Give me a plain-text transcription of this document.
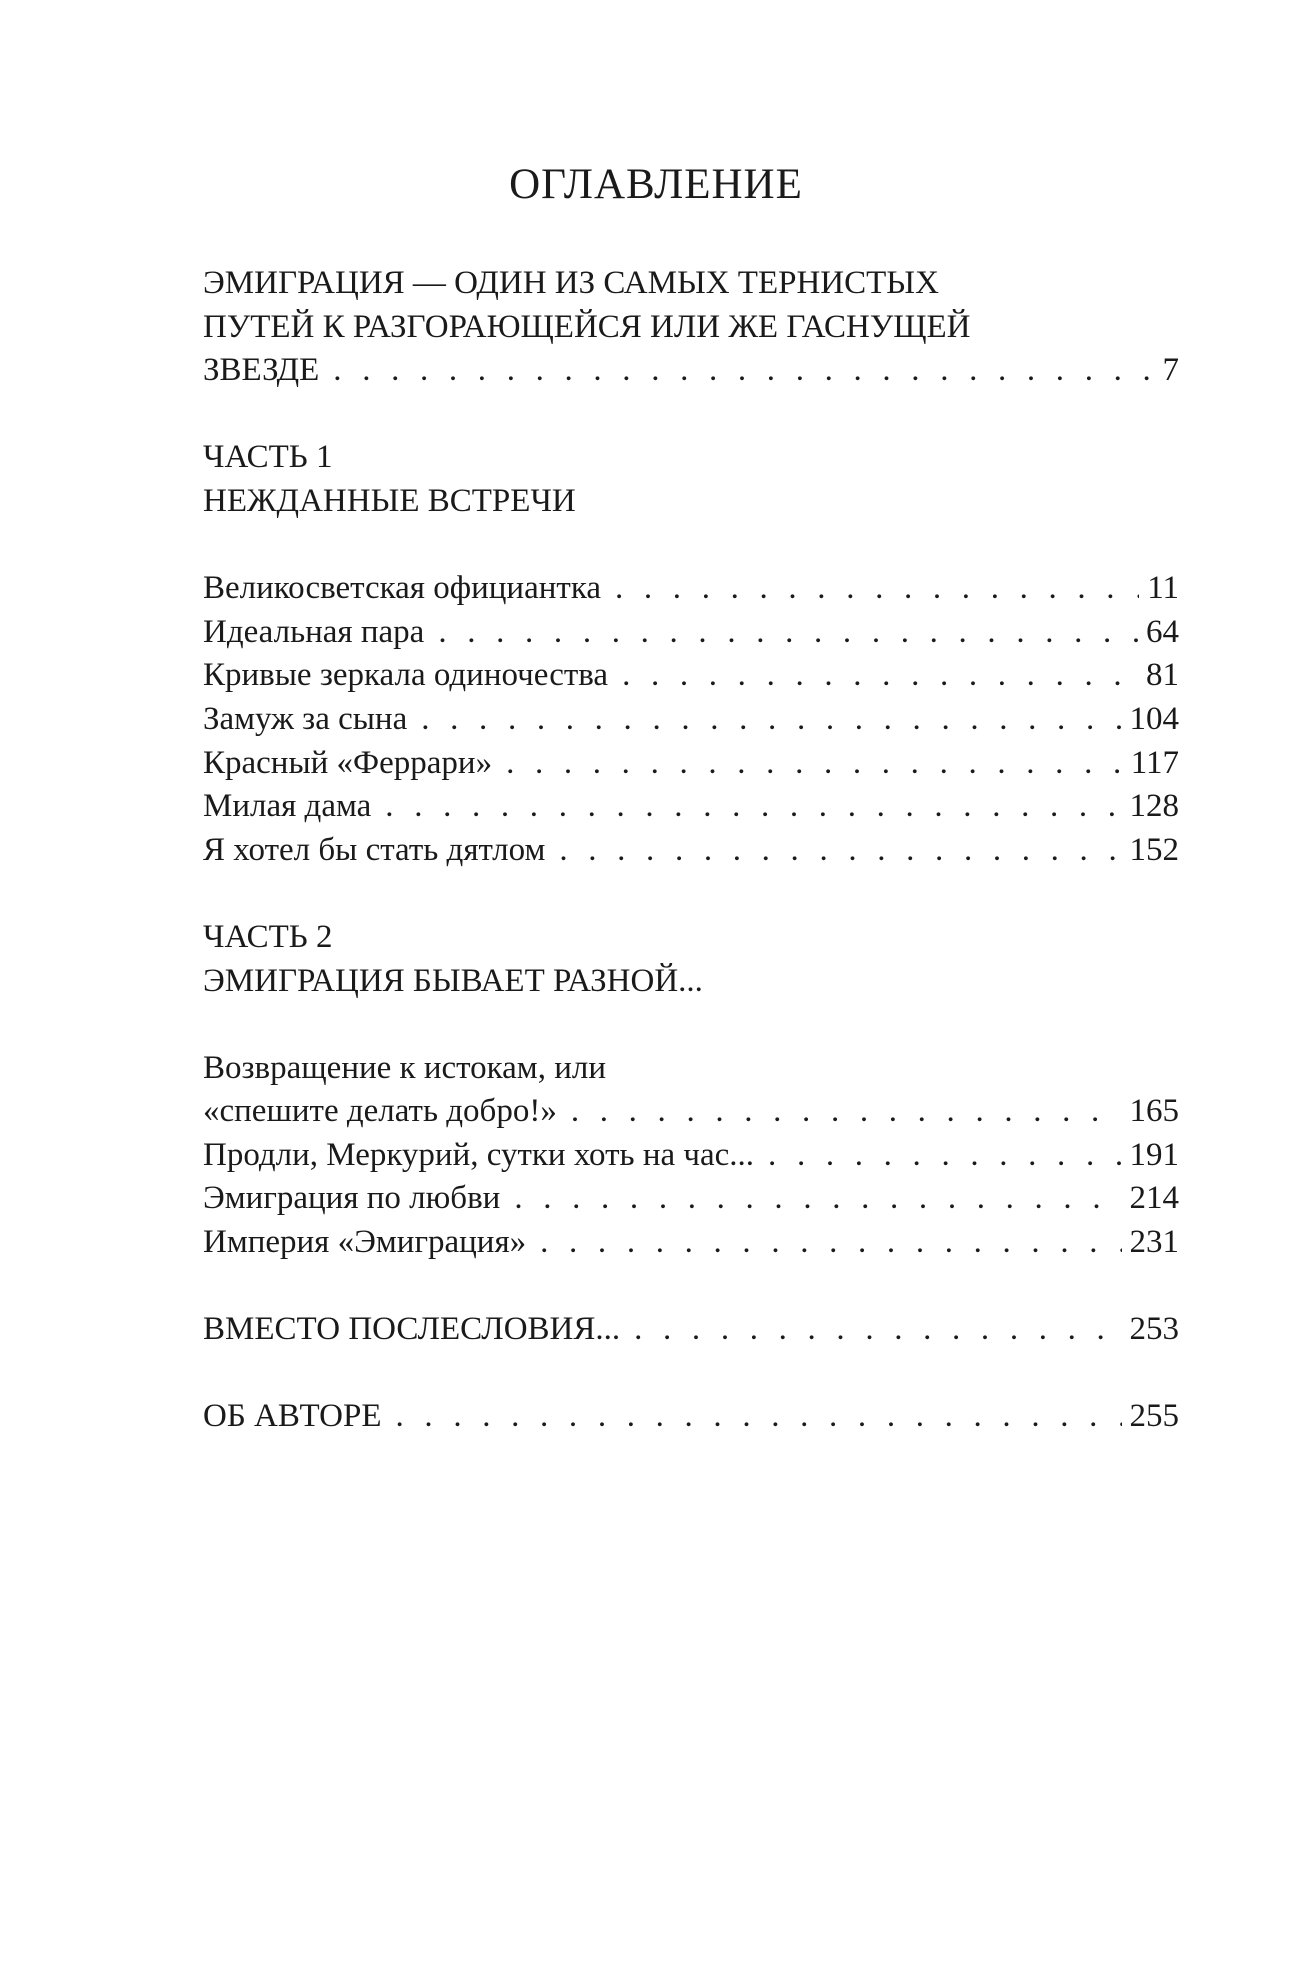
ОГЛАВЛЕНИЕ
ЭМИГРАЦИЯ — ОДИН ИЗ САМЫХ ТЕРНИСТЫХ
ПУТЕЙ К РАЗГОРАЮЩЕЙСЯ ИЛИ ЖЕ ГАСНУЩЕЙ
ЗВЕЗДЕ . . .	7
ЧАСТЬ 1
НЕЖДАННЫЕ ВСТРЕЧИ
Великосветская официантка . . .	11
Идеальная пара . . .	64
Кривые зеркала одиночества . . .	81
Замуж за сына . . .	104
Красный «Феррари» . . .	117
Милая дама . . .	128
Я хотел бы стать дятлом . . .	152
ЧАСТЬ 2
ЭМИГРАЦИЯ БЫВАЕТ РАЗНОЙ...
Возвращение к истокам, или
«спешите делать добро!» . . .	165
Продли, Меркурий, сутки хоть на час... . . .	191
Эмиграция по любви . . .	214
Империя «Эмиграция» . . .	231
ВМЕСТО ПОСЛЕСЛОВИЯ... . . .	253
ОБ АВТОРЕ . . .	255
